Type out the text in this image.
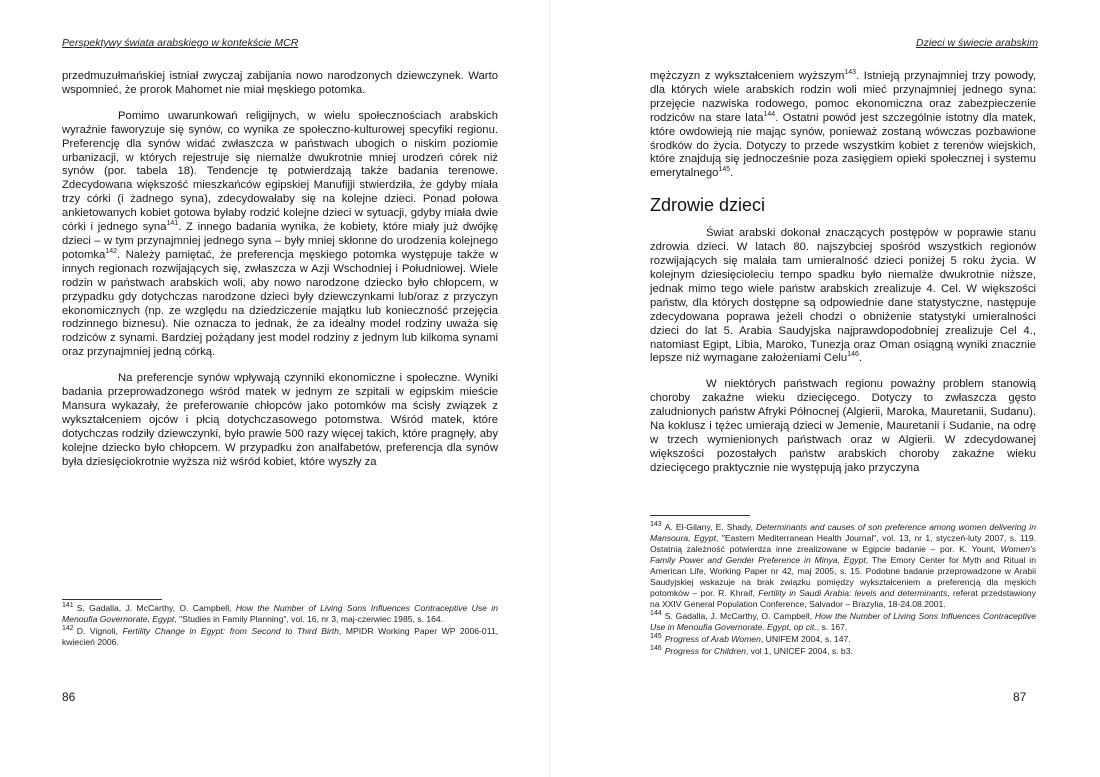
Perspektywy świata arabskiego w kontekście MCR

przedmuzułmańskiej istniał zwyczaj zabijania nowo narodzonych dziewczynek. Warto wspomnieć, że prorok Mahomet nie miał męskiego potomka.

Pomimo uwarunkowań religijnych, w wielu społecznościach arabskich wyraźnie faworyzuje się synów, co wynika ze społeczno-kulturowej specyfiki regionu. Preferencję dla synów widać zwłaszcza w państwach ubogich o niskim poziomie urbanizacji, w których rejestruje się niemalże dwukrotnie mniej urodzeń córek niż synów (por. tabela 18). Tendencje tę potwierdzają także badania terenowe. Zdecydowana większość mieszkańców egipskiej Manufijji stwierdziła, że gdyby miała trzy córki (i żadnego syna), zdecydowałaby się na kolejne dzieci. Ponad połowa ankietowanych kobiet gotowa byłaby rodzić kolejne dzieci w sytuacji, gdyby miała dwie córki i jednego syna$^{141}$. Z innego badania wynika, że kobiety, które miały już dwójkę dzieci – w tym przynajmniej jednego syna – były mniej skłonne do urodzenia kolejnego potomka$^{142}$. Należy pamiętać, że preferencja męskiego potomka występuje także w innych regionach rozwijających się, zwłaszcza w Azji Wschodniej i Południowej. Wiele rodzin w państwach arabskich woli, aby nowo narodzone dziecko było chłopcem, w przypadku gdy dotychczas narodzone dzieci były dziewczynkami lub/oraz z przyczyn ekonomicznych (np. ze względu na dziedziczenie majątku lub konieczność przejęcia rodzinnego biznesu). Nie oznacza to jednak, że za idealny model rodziny uważa się rodziców z synami. Bardziej pożądany jest model rodziny z jednym lub kilkoma synami oraz przynajmniej jedną córką.

Na preferencje synów wpływają czynniki ekonomiczne i społeczne. Wyniki badania przeprowadzonego wśród matek w jednym ze szpitali w egipskim mieście Mansura wykazały, że preferowanie chłopców jako potomków ma ścisły związek z wykształceniem ojców i płcią dotychczasowego potomstwa. Wśród matek, które dotychczas rodziły dziewczynki, było prawie 500 razy więcej takich, które pragnęły, aby kolejne dziecko było chłopcem. W przypadku żon analfabetów, preferencja dla synów była dziesięciokrotnie wyższa niż wśród kobiet, które wyszły za

$^{141}$ S. Gadalla, J. McCarthy, O. Campbell, How the Number of Living Sons Influences Contraceptive Use in Menoufia Governorate, Egypt, "Studies in Family Planning", vol. 16, nr 3, maj-czerwiec 1985, s. 164.

$^{142}$ D. Vignoli, Fertility Change in Egypt: from Second to Third Birth, MPIDR Working Paper WP 2006-011, kwiecień 2006.

86
Dzieci w świecie arabskim

mężczyzn z wykształceniem wyższym$^{143}$. Istnieją przynajmniej trzy powody, dla których wiele arabskich rodzin woli mieć przynajmniej jednego syna: przejęcie nazwiska rodowego, pomoc ekonomiczna oraz zabezpieczenie rodziców na stare lata$^{144}$. Ostatni powód jest szczególnie istotny dla matek, które owdowieją nie mając synów, ponieważ zostaną wówczas pozbawione środków do życia. Dotyczy to przede wszystkim kobiet z terenów wiejskich, które znajdują się jednocześnie poza zasięgiem opieki społecznej i systemu emerytalnego$^{145}$.

Zdrowie dzieci

Świat arabski dokonał znaczących postępów w poprawie stanu zdrowia dzieci. W latach 80. najszybciej spośród wszystkich regionów rozwijających się malała tam umieralność dzieci poniżej 5 roku życia. W kolejnym dziesięcioleciu tempo spadku było niemalże dwukrotnie niższe, jednak mimo tego wiele państw arabskich zrealizuje 4. Cel. W większości państw, dla których dostępne są odpowiednie dane statystyczne, następuje zdecydowana poprawa jeżeli chodzi o obniżenie statystyki umieralności dzieci do lat 5. Arabia Saudyjska najprawdopodobniej zrealizuje Cel 4., natomiast Egipt, Libia, Maroko, Tunezja oraz Oman osiągną wyniki znacznie lepsze niż wymagane założeniami Celu$^{146}$.

W niektórych państwach regionu poważny problem stanowią choroby zakaźne wieku dziecięcego. Dotyczy to zwłaszcza gęsto zaludnionych państw Afryki Północnej (Algierii, Maroka, Mauretanii, Sudanu). Na koklusz i tężec umierają dzieci w Jemenie, Mauretanii i Sudanie, na odrę w trzech wymienionych państwach oraz w Algierii. W zdecydowanej większości pozostałych państw arabskich choroby zakaźne wieku dziecięcego praktycznie nie występują jako przyczyna

$^{143}$ A. El-Gilany, E. Shady, Determinants and causes of son preference among women delivering in Mansoura, Egypt, "Eastern Mediterranean Health Journal", vol. 13, nr 1, styczeń-luty 2007, s. 119. Ostatnią zależność potwierdza inne zrealizowane w Egipcie badanie – por. K. Yount, Women's Family Power and Gender Preference in Minya, Egypt, The Emory Center for Myth and Ritual in American Life, Working Paper nr 42, maj 2005, s. 15. Podobne badanie przeprowadzone w Arabii Saudyjskiej wskazuje na brak związku pomiędzy wykształceniem a preferencją dla męskich potomków – por. R. Khraif, Fertility in Saudi Arabia: levels and determinants, referat przedstawiony na XXIV General Population Conference, Salvador – Brazylia, 18-24.08.2001.

$^{144}$ S. Gadalla, J. McCarthy, O. Campbell, How the Number of Living Sons Influences Contraceptive Use in Menoufia Governorate, Egypt, op cit., s. 167.

$^{145}$ Progress of Arab Women, UNIFEM 2004, s. 147.

$^{146}$ Progress for Children, vol 1, UNICEF 2004, s. b3.

87
